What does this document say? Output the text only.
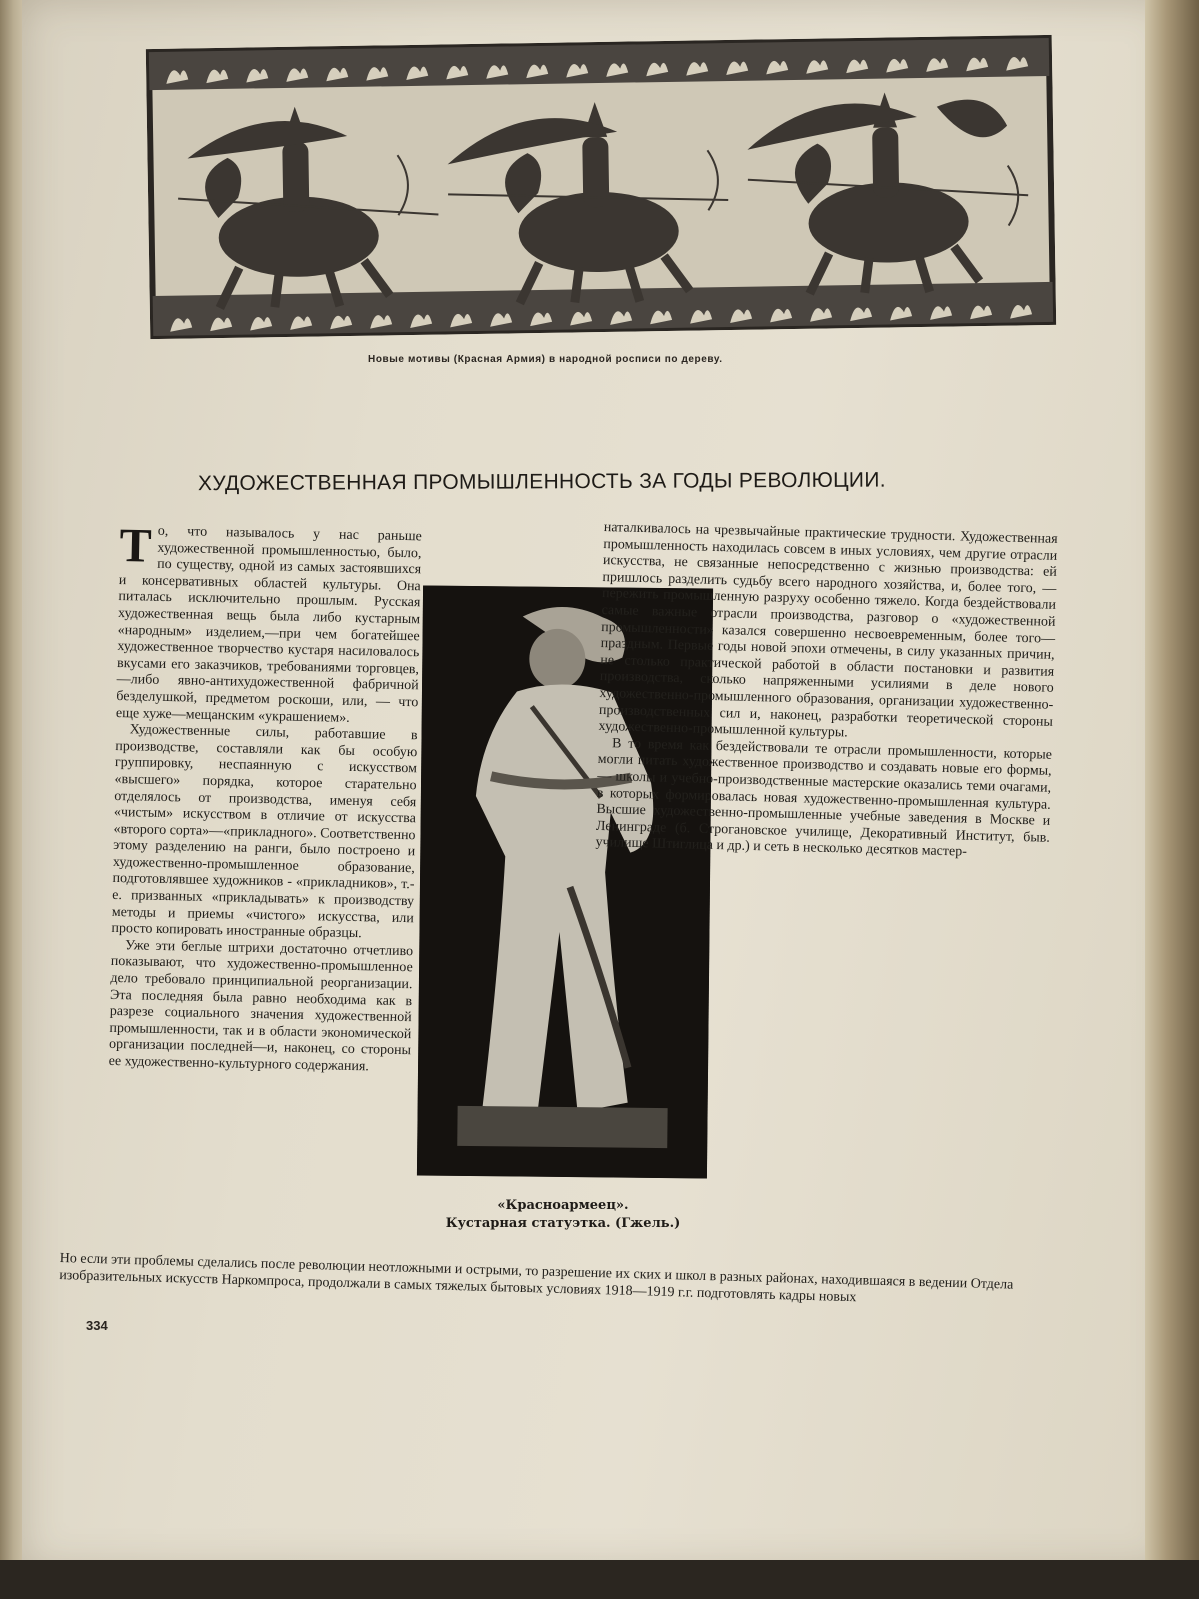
Новые мотивы (Красная Армия) в народной росписи по дереву.
ХУДОЖЕСТВЕННАЯ ПРОМЫШЛЕННОСТЬ ЗА ГОДЫ РЕВОЛЮЦИИ.
Т о, что называлось у нас раньше художественной промышленностью, было, по существу, одной из самых застоявшихся и консервативных областей культуры. Она питалась исключительно прошлым. Русская художественная вещь была либо кустарным «народным» изделием,—при чем богатейшее художественное творчество кустаря насиловалось вкусами его заказчиков, требованиями торговцев,—либо явно-антихудожественной фабричной безделушкой, предметом роскоши, или, — что еще хуже—мещанским «украшением».

Художественные силы, работавшие в производстве, составляли как бы особую группировку, неспаянную с искусством «высшего» порядка, которое старательно отделялось от производства, именуя себя «чистым» искусством в отличие от искусства «второго сорта»—«прикладного». Соответственно этому разделению на ранги, было построено и художественно-промышленное образование, подготовлявшее художников - «прикладников», т.-е. призванных «прикладывать» к производству методы и приемы «чистого» искусства, или просто копировать иностранные образцы.

Уже эти беглые штрихи достаточно отчетливо показывают, что художественно-промышленное дело требовало принципиальной реорганизации. Эта последняя была равно необходима как в разрезе социального значения художественной промышленности, так и в области экономической организации последней—и, наконец, со стороны ее художественно-культурного содержания.

«Красноармеец».
Кустарная статуэтка. (Гжель.)

наталкивалось на чрезвычайные практические трудности. Художественная промышленность находилась совсем в иных условиях, чем другие отрасли искусства, не связанные непосредственно с жизнью производства: ей пришлось разделить судьбу всего народного хозяйства, и, более того, — пережить промышленную разруху особенно тяжело. Когда бездействовали самые важные отрасли производства, разговор о «художественной промышленности» казался совершенно несвоевременным, более того—праздным. Первые годы новой эпохи отмечены, в силу указанных причин, не столько практической работой в области постановки и развития производства, сколько напряженными усилиями в деле нового художественно-промышленного образования, организации художественно-производственных сил и, наконец, разработки теоретической стороны художественно-промышленной культуры.

В то время как бездействовали те отрасли промышленности, которые могли питать художественное производство и создавать новые его формы, — школы и учебно-производственные мастерские оказались теми очагами, в которых формировалась новая художественно-промышленная культура. Высшие художественно-промышленные учебные заведения в Москве и Ленинграде (б. Строгановское училище, Декоративный Институт, быв. училище Штиглица и др.) и сеть в несколько десятков мастер-

Но если эти проблемы сделались после революции неотложными и острыми, то разрешение их ских и школ в разных районах, находившаяся в ведении Отдела изобразительных искусств Наркомпроса, продолжали в самых тяжелых бытовых условиях 1918—1919 г.г. подготовлять кадры новых
334
